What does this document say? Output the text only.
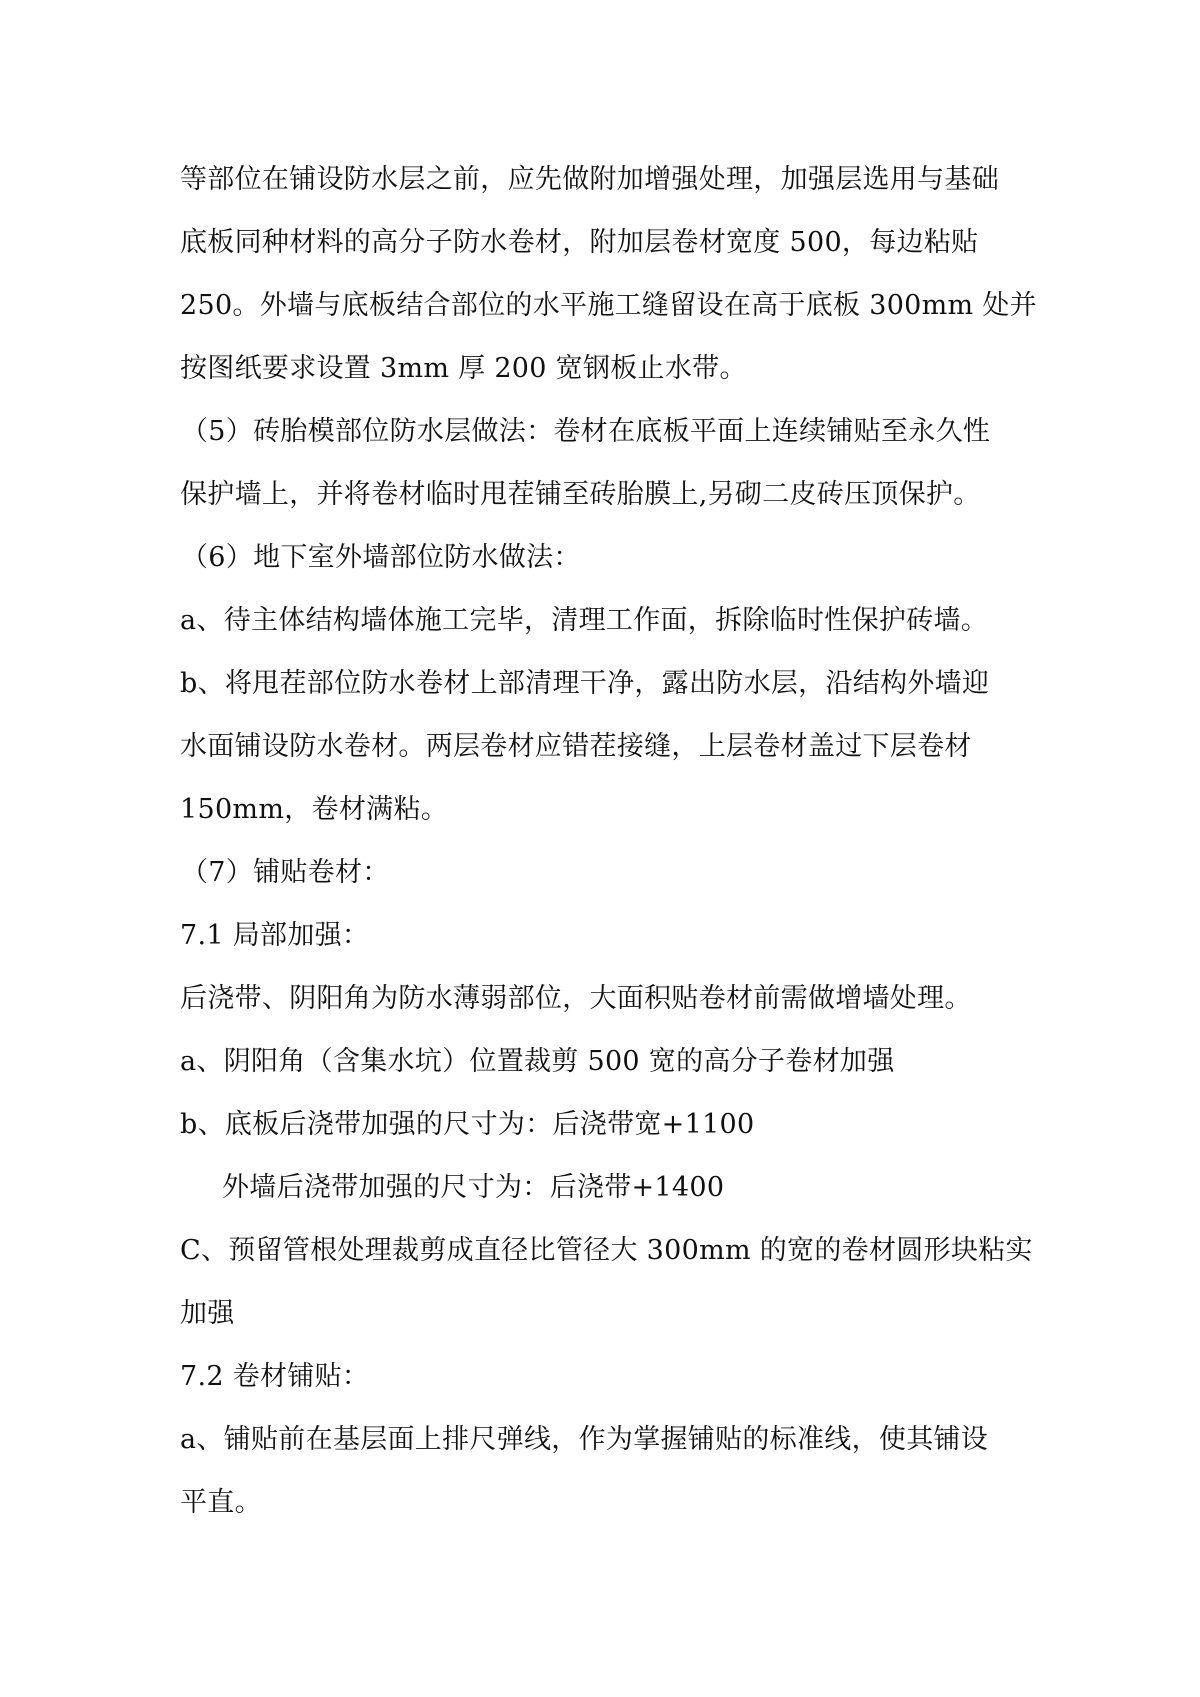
等部位在铺设防水层之前，应先做附加增强处理，加强层选用与基础
底板同种材料的高分子防水卷材，附加层卷材宽度 500，每边粘贴
250。外墙与底板结合部位的水平施工缝留设在高于底板 300mm 处并
按图纸要求设置 3mm 厚 200 宽钢板止水带。
（5）砖胎模部位防水层做法：卷材在底板平面上连续铺贴至永久性
保护墙上，并将卷材临时甩茬铺至砖胎膜上,另砌二皮砖压顶保护。
（6）地下室外墙部位防水做法：
a、待主体结构墙体施工完毕，清理工作面，拆除临时性保护砖墙。
b、将甩茬部位防水卷材上部清理干净，露出防水层，沿结构外墙迎
水面铺设防水卷材。两层卷材应错茬接缝，上层卷材盖过下层卷材
150mm，卷材满粘。
（7）铺贴卷材：
7.1 局部加强：
后浇带、阴阳角为防水薄弱部位，大面积贴卷材前需做增墙处理。
a、阴阳角（含集水坑）位置裁剪 500 宽的高分子卷材加强
b、底板后浇带加强的尺寸为：后浇带宽+1100
外墙后浇带加强的尺寸为：后浇带+1400
C、预留管根处理裁剪成直径比管径大 300mm 的宽的卷材圆形块粘实
加强
7.2 卷材铺贴：
a、铺贴前在基层面上排尺弹线，作为掌握铺贴的标准线，使其铺设
平直。
